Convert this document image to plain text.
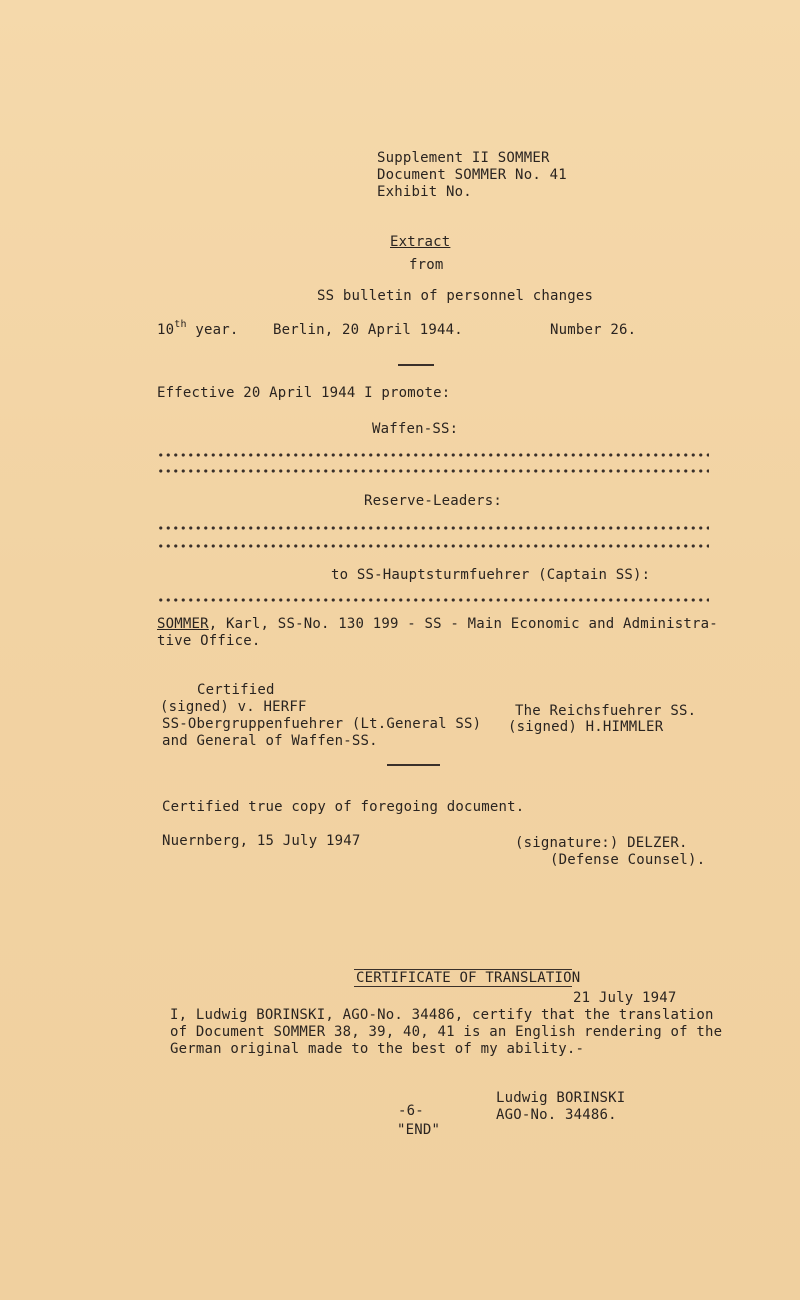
Supplement II SOMMER
Document SOMMER No. 41
Exhibit No.
Extract
from
SS bulletin of personnel changes
10th year. Berlin, 20 April 1944.	Number 26.
Effective 20 April 1944 I promote:
Waffen-SS:
Reserve-Leaders:
to SS-Hauptsturmfuehrer (Captain SS):
SOMMER, Karl, SS-No. 130 199 - SS - Main Economic and Administra-
tive Office.
Certified
(signed) v. HERFF
SS-Obergruppenfuehrer (Lt.General SS)
and General of Waffen-SS.
The Reichsfuehrer SS.
(signed) H.HIMMLER
Certified true copy of foregoing document.
Nuernberg, 15 July 1947	(signature:) DELZER.
(Defense Counsel).
CERTIFICATE OF TRANSLATION
21 July 1947
I, Ludwig BORINSKI, AGO-No. 34486, certify that the translation
of Document SOMMER 38, 39, 40, 41 is an English rendering of the
German original made to the best of my ability.-
Ludwig BORINSKI
AGO-No. 34486.
-6-
"END"
